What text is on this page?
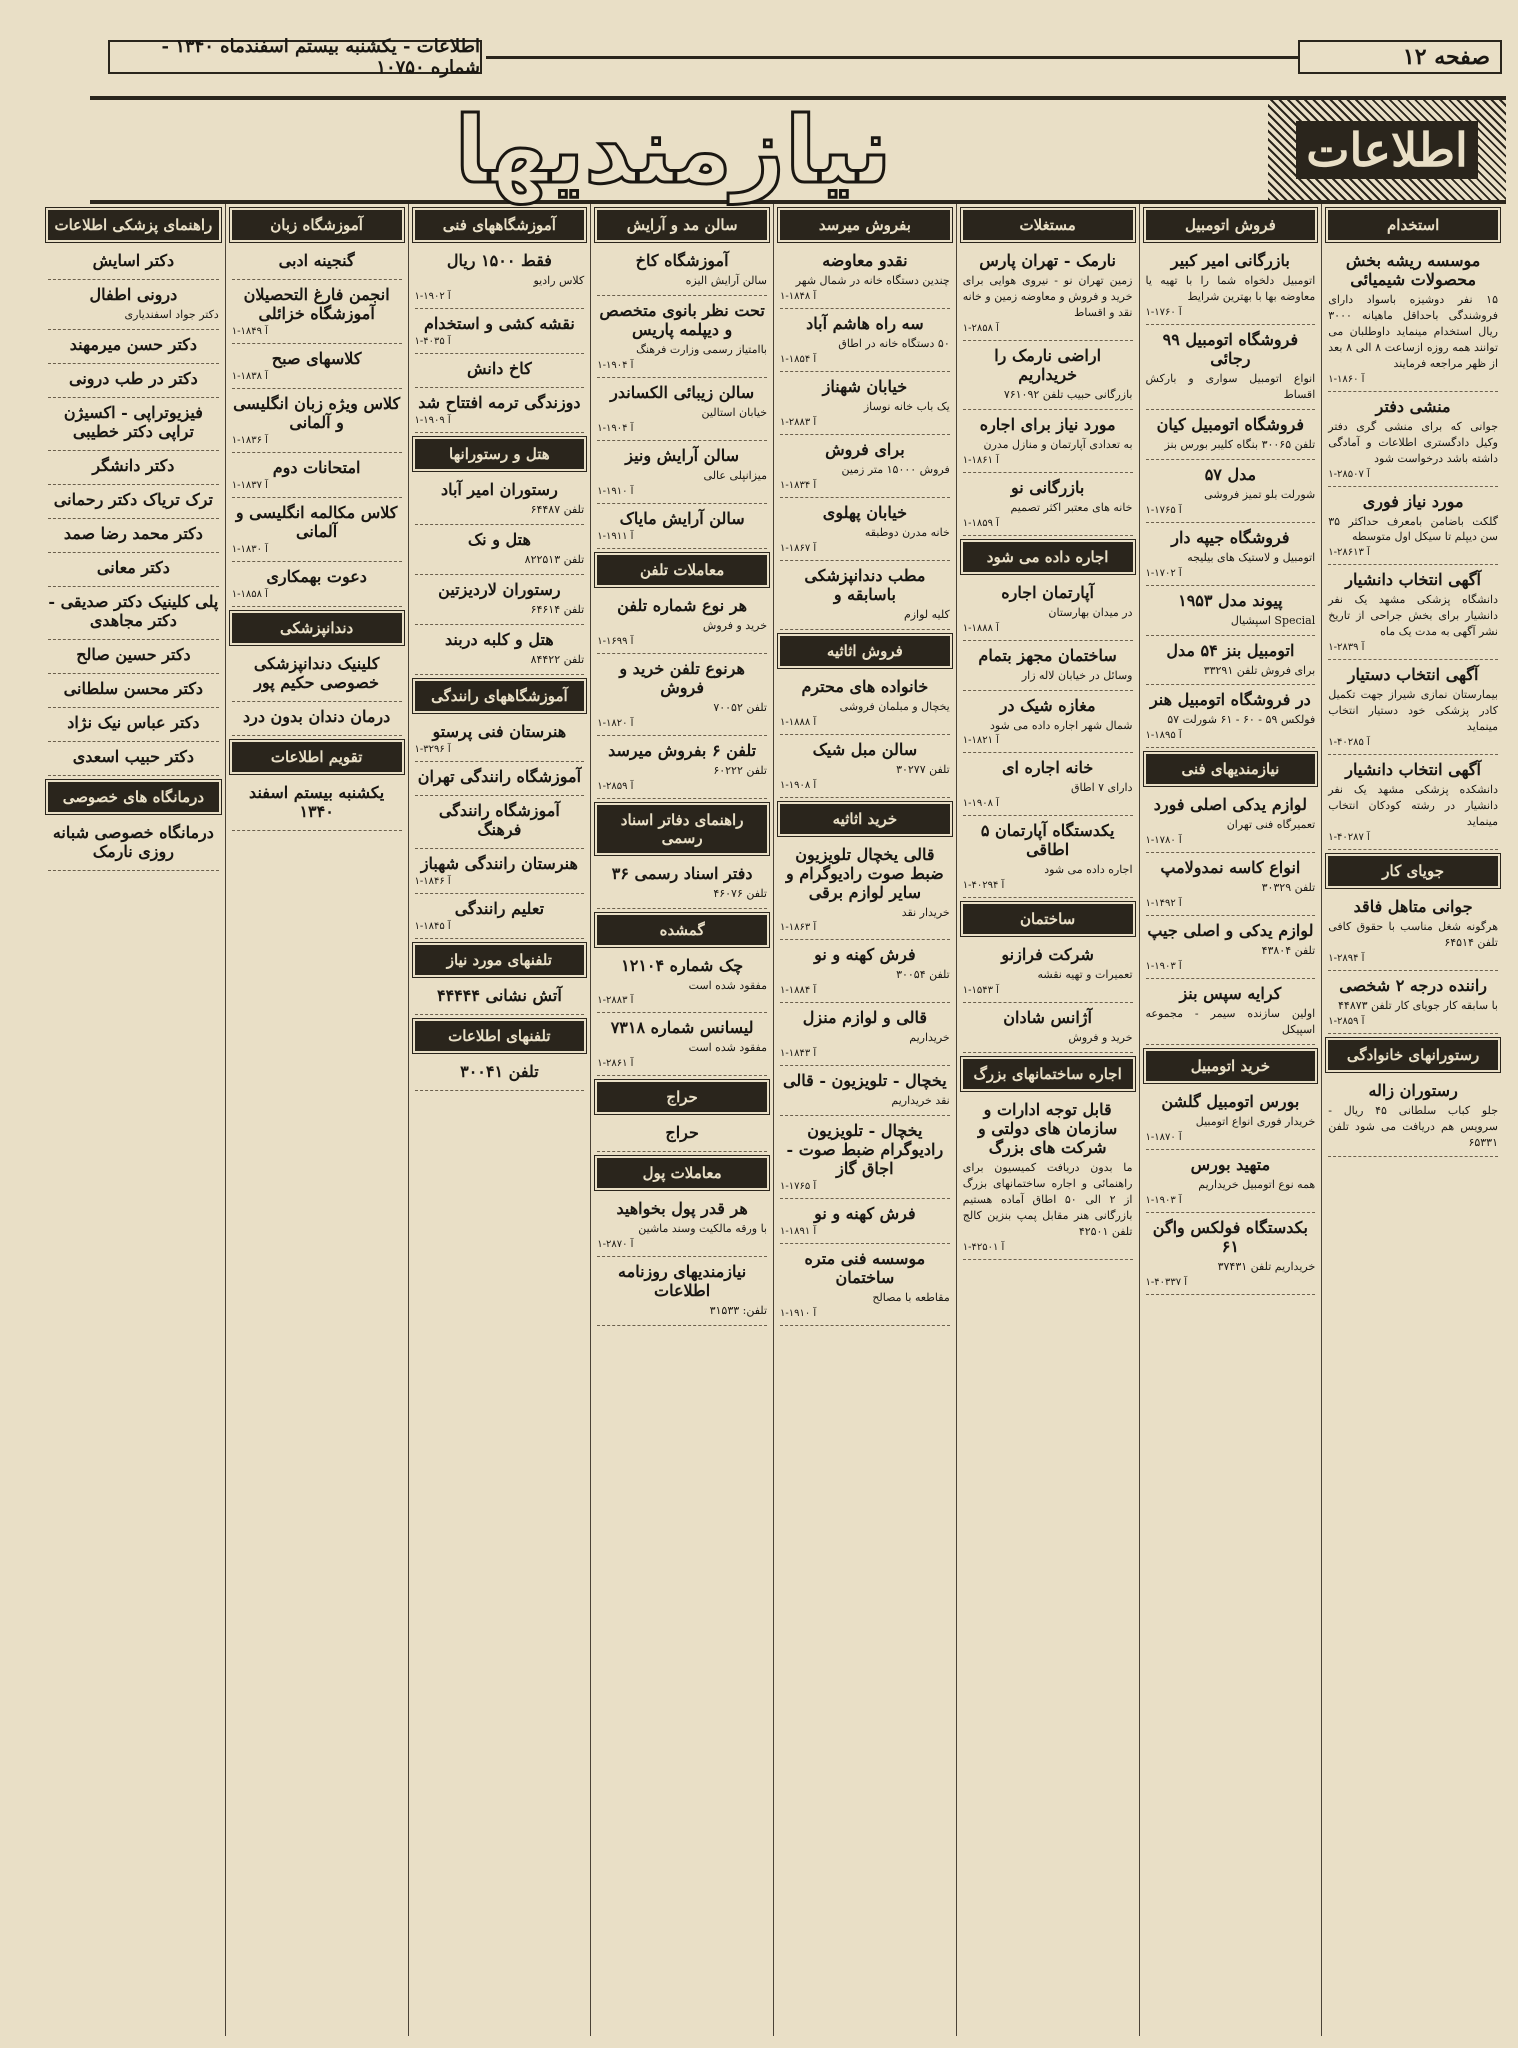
صفحه ۱۲
اطلاعات - یکشنبه بیستم اسفندماه ۱۳۴۰ - شماره ۱۰۷۵۰
اطلاعات
نیازمندیها
استخدام
موسسه ریشه بخش محصولات شیمیائی
۱۵ نفر دوشیزه باسواد دارای فروشندگی باحداقل ماهیانه ۳۰۰۰ ریال استخدام مینماید داوطلبان می توانند همه روزه ازساعت ۸ الی ۸ بعد از ظهر مراجعه فرمایند
۱-۱۸۶۰ آ
منشی دفتر
جوانی که برای منشی گری دفتر وکیل دادگستری اطلاعات و آمادگی داشته باشد درخواست شود
۱-۲۸۵۰۷ آ
مورد نیاز فوری
گلکت باضامن بامعرف حداکثر ۳۵ سن دیپلم تا سیکل اول متوسطه
۱-۲۸۶۱۳ آ
آگهی انتخاب دانشیار
دانشگاه پزشکی مشهد یک نفر دانشیار برای بخش جراحی از تاریخ نشر آگهی به مدت یک ماه
۱-۲۸۳۹ آ
آگهی انتخاب دستیار
بیمارستان نمازی شیراز جهت تکمیل کادر پزشکی خود دستیار انتخاب مینماید
۱-۴۰۲۸۵ آ
آگهی انتخاب دانشیار
دانشکده پزشکی مشهد یک نفر دانشیار در رشته کودکان انتخاب مینماید
۱-۴۰۲۸۷ آ
جویای کار
جوانی متاهل فاقد
هرگونه شغل مناسب با حقوق کافی تلفن ۶۴۵۱۴
۱-۲۸۹۴ آ
راننده درجه ۲ شخصی
با سابقه کار جویای کار تلفن ۴۴۸۷۳
۱-۲۸۵۹ آ
رستورانهای خانوادگی
رستوران زاله
جلو کباب سلطانی ۴۵ ریال - سرویس هم دریافت می شود تلفن ۶۵۳۳۱
فروش اتومبیل
بازرگانی امیر کبیر
اتومبیل دلخواه شما را با تهیه یا معاوضه بها با بهترین شرایط
۱-۱۷۶۰ آ
فروشگاه اتومبیل ۹۹ رجائی
انواع اتومبیل سواری و بارکش اقساط
فروشگاه اتومبیل کیان
تلفن ۳۰۰۶۵ بنگاه کلیبر بورس بنز
مدل ۵۷
شورلت بلو تمیز فروشی
۱-۱۷۶۵ آ
فروشگاه جیپه دار
اتومبیل و لاستیک های بیلیجه
۱-۱۷۰۲ آ
پیوند مدل ۱۹۵۳
Special اسپشیال
اتومبیل بنز ۵۴ مدل
برای فروش تلفن ۳۳۲۹۱
در فروشگاه اتومبیل هنر
فولکس ۵۹ - ۶۰ - ۶۱ شورلت ۵۷
۱-۱۸۹۵ آ
نیازمندیهای فنی
لوازم یدکی اصلی فورد
تعمیرگاه فنی تهران
۱-۱۷۸۰ آ
انواع کاسه نمدولامپ
تلفن ۳۰۳۲۹
۱-۱۴۹۲ آ
لوازم یدکی و اصلی جیپ
تلفن ۴۳۸۰۴
۱-۱۹۰۳ آ
کرایه سپس بنز
اولین سازنده سیمر - مجموعه اسپیکل
خرید اتومبیل
بورس اتومبیل گلشن
خریدار فوری انواع اتومبیل
۱-۱۸۷۰ آ
متهید بورس
همه نوع اتومبیل خریداریم
۱-۱۹۰۳ آ
بکدستگاه فولکس واگن ۶۱
خریداریم تلفن ۳۷۴۳۱
۱-۴۰۳۳۷ آ
مستغلات
نارمک - تهران پارس
زمین تهران نو - نیروی هوایی برای خرید و فروش و معاوضه زمین و خانه نقد و اقساط
۱-۲۸۵۸ آ
اراضی نارمک را خریداریم
بازرگانی حبیب تلفن ۷۶۱۰۹۲
مورد نیاز برای اجاره
به تعدادی آپارتمان و منازل مدرن
۱-۱۸۶۱ آ
بازرگانی نو
خانه های معتبر اکثر تصمیم
۱-۱۸۵۹ آ
اجاره داده می شود
آپارتمان اجاره
در میدان بهارستان
۱-۱۸۸۸ آ
ساختمان مجهز بتمام
وسائل در خیابان لاله زار
مغازه شیک در
شمال شهر اجاره داده می شود
۱-۱۸۲۱ آ
خانه اجاره ای
دارای ۷ اطاق
۱-۱۹۰۸ آ
یکدستگاه آپارتمان ۵ اطاقی
اجاره داده می شود
۱-۴۰۲۹۴ آ
ساختمان
شرکت فرازنو
تعمیرات و تهیه نقشه
۱-۱۵۴۳ آ
آژانس شادان
خرید و فروش
اجاره ساختمانهای بزرگ
قابل توجه ادارات و سازمان های دولتی و شرکت های بزرگ
ما بدون دریافت کمیسیون برای راهنمائی و اجاره ساختمانهای بزرگ از ۲ الی ۵۰ اطاق آماده هستیم بازرگانی هنر مقابل پمپ بنزین کالج تلفن ۴۲۵۰۱
۱-۴۲۵۰۱ آ
بفروش میرسد
نقدو معاوضه
چندین دستگاه خانه در شمال شهر
۱-۱۸۴۸ آ
سه راه هاشم آباد
۵۰ دستگاه خانه در اطاق
۱-۱۸۵۴ آ
خیابان شهناز
یک باب خانه نوساز
۱-۲۸۸۳ آ
برای فروش
فروش ۱۵۰۰۰ متر زمین
۱-۱۸۳۴ آ
خیابان پهلوی
خانه مدرن دوطبقه
۱-۱۸۶۷ آ
مطب دندانپزشکی باسابقه و
کلیه لوازم
فروش اثاثیه
خانواده های محترم
یخچال و مبلمان فروشی
۱-۱۸۸۸ آ
سالن مبل شیک
تلفن ۳۰۲۷۷
۱-۱۹۰۸ آ
خرید اثاثیه
قالی یخچال تلویزیون ضبط صوت رادیوگرام و سایر لوازم برقی
خریدار نقد
۱-۱۸۶۳ آ
فرش کهنه و نو
تلفن ۳۰۰۵۴
۱-۱۸۸۴ آ
قالی و لوازم منزل
خریداریم
۱-۱۸۴۳ آ
یخچال - تلویزیون - قالی
نقد خریداریم
یخچال - تلویزیون رادیوگرام ضبط صوت - اجاق گاز
۱-۱۷۶۵ آ
فرش کهنه و نو
۱-۱۸۹۱ آ
موسسه فنی متره ساختمان
مقاطعه با مصالح
۱-۱۹۱۰ آ
سالن مد و آرایش
آموزشگاه کاخ
سالن آرایش الیزه
تحت نظر بانوی متخصص و دیپلمه پاریس
باامتیاز رسمی وزارت فرهنگ
۱-۱۹۰۴ آ
سالن زیبائی الکساندر
خیابان استالین
۱-۱۹۰۴ آ
سالن آرایش ونیز
میزانپلی عالی
۱-۱۹۱۰ آ
سالن آرایش مایاک
۱-۱۹۱۱ آ
معاملات تلفن
هر نوع شماره تلفن
خرید و فروش
۱-۱۶۹۹ آ
هرنوع تلفن خرید و فروش
تلفن ۷۰۰۵۲
۱-۱۸۲۰ آ
تلفن ۶ بفروش میرسد
تلفن ۶۰۲۲۲
۱-۲۸۵۹ آ
راهنمای دفاتر اسناد رسمی
دفتر اسناد رسمی ۳۶
تلفن ۴۶۰۷۶
گمشده
چک شماره ۱۲۱۰۴
مفقود شده است
۱-۲۸۸۳ آ
لیسانس شماره ۷۳۱۸
مفقود شده است
۱-۲۸۶۱ آ
حراج
حراج
معاملات پول
هر قدر پول بخواهید
با ورقه مالکیت وسند ماشین
۱-۲۸۷۰ آ
نیازمندیهای روزنامه اطلاعات
تلفن: ۳۱۵۳۳
آموزشگاههای فنی
فقط ۱۵۰۰ ریال
کلاس رادیو
۱-۱۹۰۲ آ
نقشه کشی و استخدام
۱-۴۰۳۵ آ
کاخ دانش
دوزندگی ترمه افتتاح شد
۱-۱۹۰۹ آ
هتل و رستورانها
رستوران امیر آباد
تلفن ۶۴۴۸۷
هتل و نک
تلفن ۸۲۲۵۱۳
رستوران لاردیزتین
تلفن ۶۴۶۱۴
هتل و کلبه دربند
تلفن ۸۴۴۲۲
آموزشگاههای رانندگی
هنرستان فنی پرستو
۱-۳۲۹۶ آ
آموزشگاه رانندگی تهران
آموزشگاه رانندگی فرهنگ
هنرستان رانندگی شهباز
۱-۱۸۴۶ آ
تعلیم رانندگی
۱-۱۸۴۵ آ
تلفنهای مورد نیاز
آتش نشانی ۴۴۴۴۴
تلفنهای اطلاعات
تلفن ۳۰۰۴۱
آموزشگاه زبان
گنجینه ادبی
انجمن فارغ التحصیلان آموزشگاه خزائلی
۱-۱۸۴۹ آ
کلاسهای صبح
۱-۱۸۳۸ آ
کلاس ویژه زبان انگلیسی و آلمانی
۱-۱۸۳۶ آ
امتحانات دوم
۱-۱۸۳۷ آ
کلاس مکالمه انگلیسی و آلمانی
۱-۱۸۳۰ آ
دعوت بهمکاری
۱-۱۸۵۸ آ
دندانپزشکی
کلینیک دندانپزشکی خصوصی حکیم پور
درمان دندان بدون درد
تقویم اطلاعات
یکشنبه بیستم اسفند ۱۳۴۰
راهنمای پزشکی اطلاعات
دکتر اسایش
درونی اطفال
دکتر جواد اسفندیاری
دکتر حسن میرمهند
دکتر در طب درونی
فیزیوتراپی - اکسیژن تراپی دکتر خطیبی
دکتر دانشگر
ترک تریاک دکتر رحمانی
دکتر محمد رضا صمد
دکتر معانی
پلی کلینیک دکتر صدیقی - دکتر مجاهدی
دکتر حسین صالح
دکتر محسن سلطانی
دکتر عباس نیک نژاد
دکتر حبیب اسعدی
درمانگاه های خصوصی
درمانگاه خصوصی شبانه روزی نارمک
